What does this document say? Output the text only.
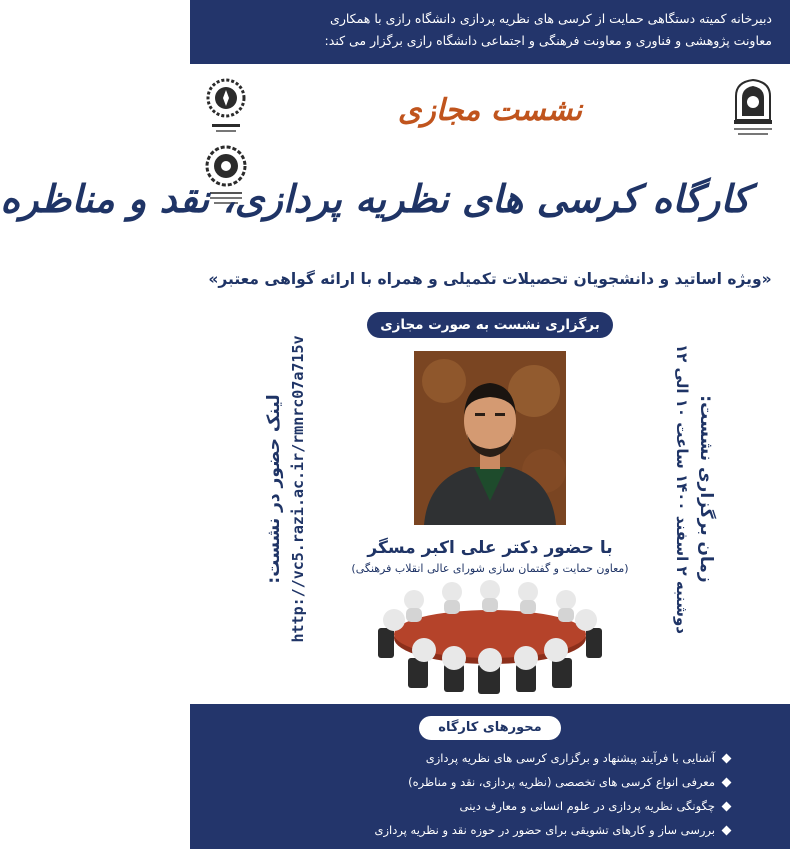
دبیرخانه کمیته دستگاهی حمایت از کرسی های نظریه پردازی دانشگاه رازی با همکاری
معاونت پژوهشی و فناوری و معاونت فرهنگی و اجتماعی دانشگاه رازی برگزار می کند:
نشست مجازی
کارگاه کرسی های نظریه پردازی، نقد و مناظره
«ویژه اساتید و دانشجویان تحصیلات تکمیلی و همراه با ارائه گواهی معتبر»
برگزاری نشست به صورت مجازی
زمان برگزاری نشست:
دوشنبه ۲ اسفند ۱۴۰۰ ساعت ۱۰ الی ۱۲
لینک حضور در نشست: http://vc5.razi.ac.ir/rmnrc07a715v	با حضور دکتر علی اکبر مسگر
(معاون حمایت و گفتمان سازی شورای عالی انقلاب فرهنگی)
محورهای کارگاه
آشنایی با فرآیند پیشنهاد و برگزاری کرسی های نظریه پردازی
معرفی انواع کرسی های تخصصی (نظریه پردازی، نقد و مناظره)
چگونگی نظریه پردازی در علوم انسانی و معارف دینی
بررسی ساز و کارهای تشویقی برای حضور در حوزه نقد و نظریه پردازی
